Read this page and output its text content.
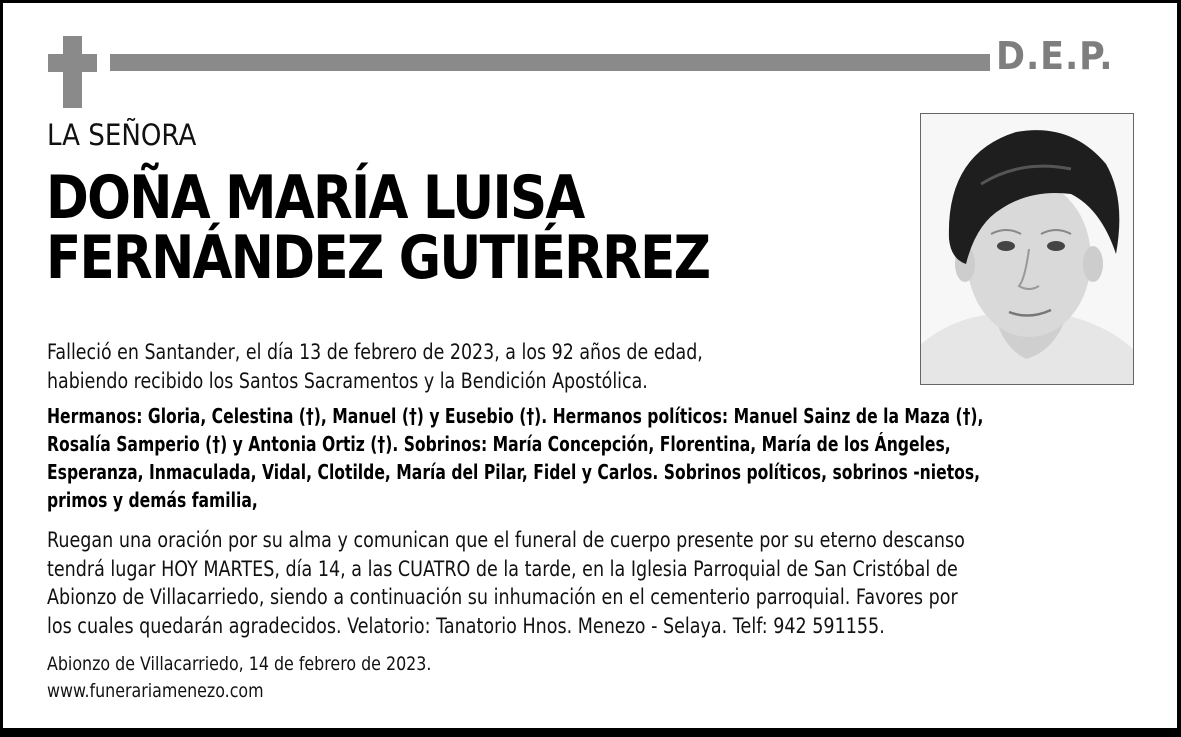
D.E.P.
LA SEÑORA
DOÑA MARÍA LUISA
FERNÁNDEZ GUTIÉRREZ
Falleció en Santander, el día 13 de febrero de 2023, a los 92 años de edad,
habiendo recibido los Santos Sacramentos y la Bendición Apostólica.
Hermanos: Gloria, Celestina (†), Manuel (†) y Eusebio (†). Hermanos políticos: Manuel Sainz de la Maza (†),
Rosalía Samperio (†) y Antonia Ortiz (†). Sobrinos: María Concepción, Florentina, María de los Ángeles,
Esperanza, Inmaculada, Vidal, Clotilde, María del Pilar, Fidel y Carlos. Sobrinos políticos, sobrinos -nietos,
primos y demás familia,
Ruegan una oración por su alma y comunican que el funeral de cuerpo presente por su eterno descanso
tendrá lugar HOY MARTES, día 14, a las CUATRO de la tarde, en la Iglesia Parroquial de San Cristóbal de
Abionzo de Villacarriedo, siendo a continuación su inhumación en el cementerio parroquial. Favores por
los cuales quedarán agradecidos. Velatorio: Tanatorio Hnos. Menezo - Selaya. Telf: 942 591155.
Abionzo de Villacarriedo, 14 de febrero de 2023.
www.funerariamenezo.com
